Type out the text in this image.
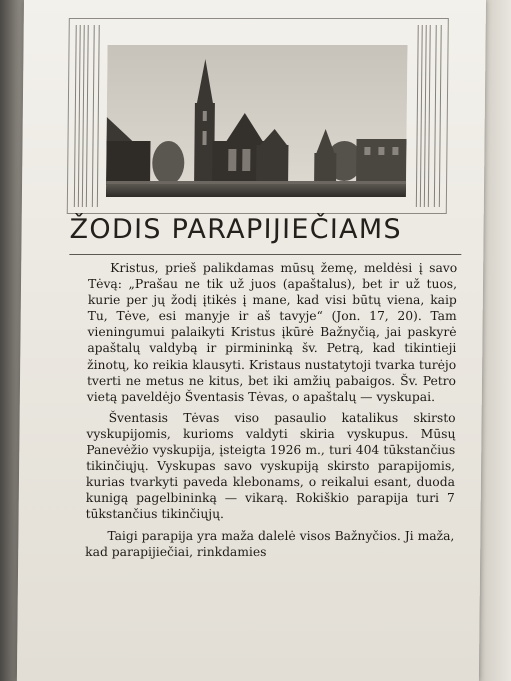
ŽODIS PARAPIJIEČIAMS

Kristus, prieš palikdamas mūsų žemę, meldėsi į savo Tėvą: „Prašau ne tik už juos (apaštalus), bet ir už tuos, kurie per jų žodį įtikės į mane, kad visi būtų viena, kaip Tu, Tėve, esi manyje ir aš tavyje“ (Jon. 17, 20). Tam vieningumui palaikyti Kristus įkūrė Bažnyčią, jai paskyrė apaštalų valdybą ir pirmininką šv. Petrą, kad tikintieji žinotų, ko reikia klausyti. Kristaus nustatytoji tvarka turėjo tverti ne metus ne kitus, bet iki amžių pabaigos. Šv. Petro vietą paveldėjo Šventasis Tėvas, o apaštalų — vyskupai.

Šventasis Tėvas viso pasaulio katalikus skirsto vyskupijomis, kurioms valdyti skiria vyskupus. Mūsų Panevėžio vyskupija, įsteigta 1926 m., turi 404 tūkstančius tikinčiųjų. Vyskupas savo vyskupiją skirsto parapijomis, kurias tvarkyti paveda klebonams, o reikalui esant, duoda kunigą pagelbininką — vikarą. Rokiškio parapija turi 7 tūkstančius tikinčiųjų.

Taigi parapija yra maža dalelė visos Bažnyčios. Ji maža, kad parapijiečiai, rinkdamies
